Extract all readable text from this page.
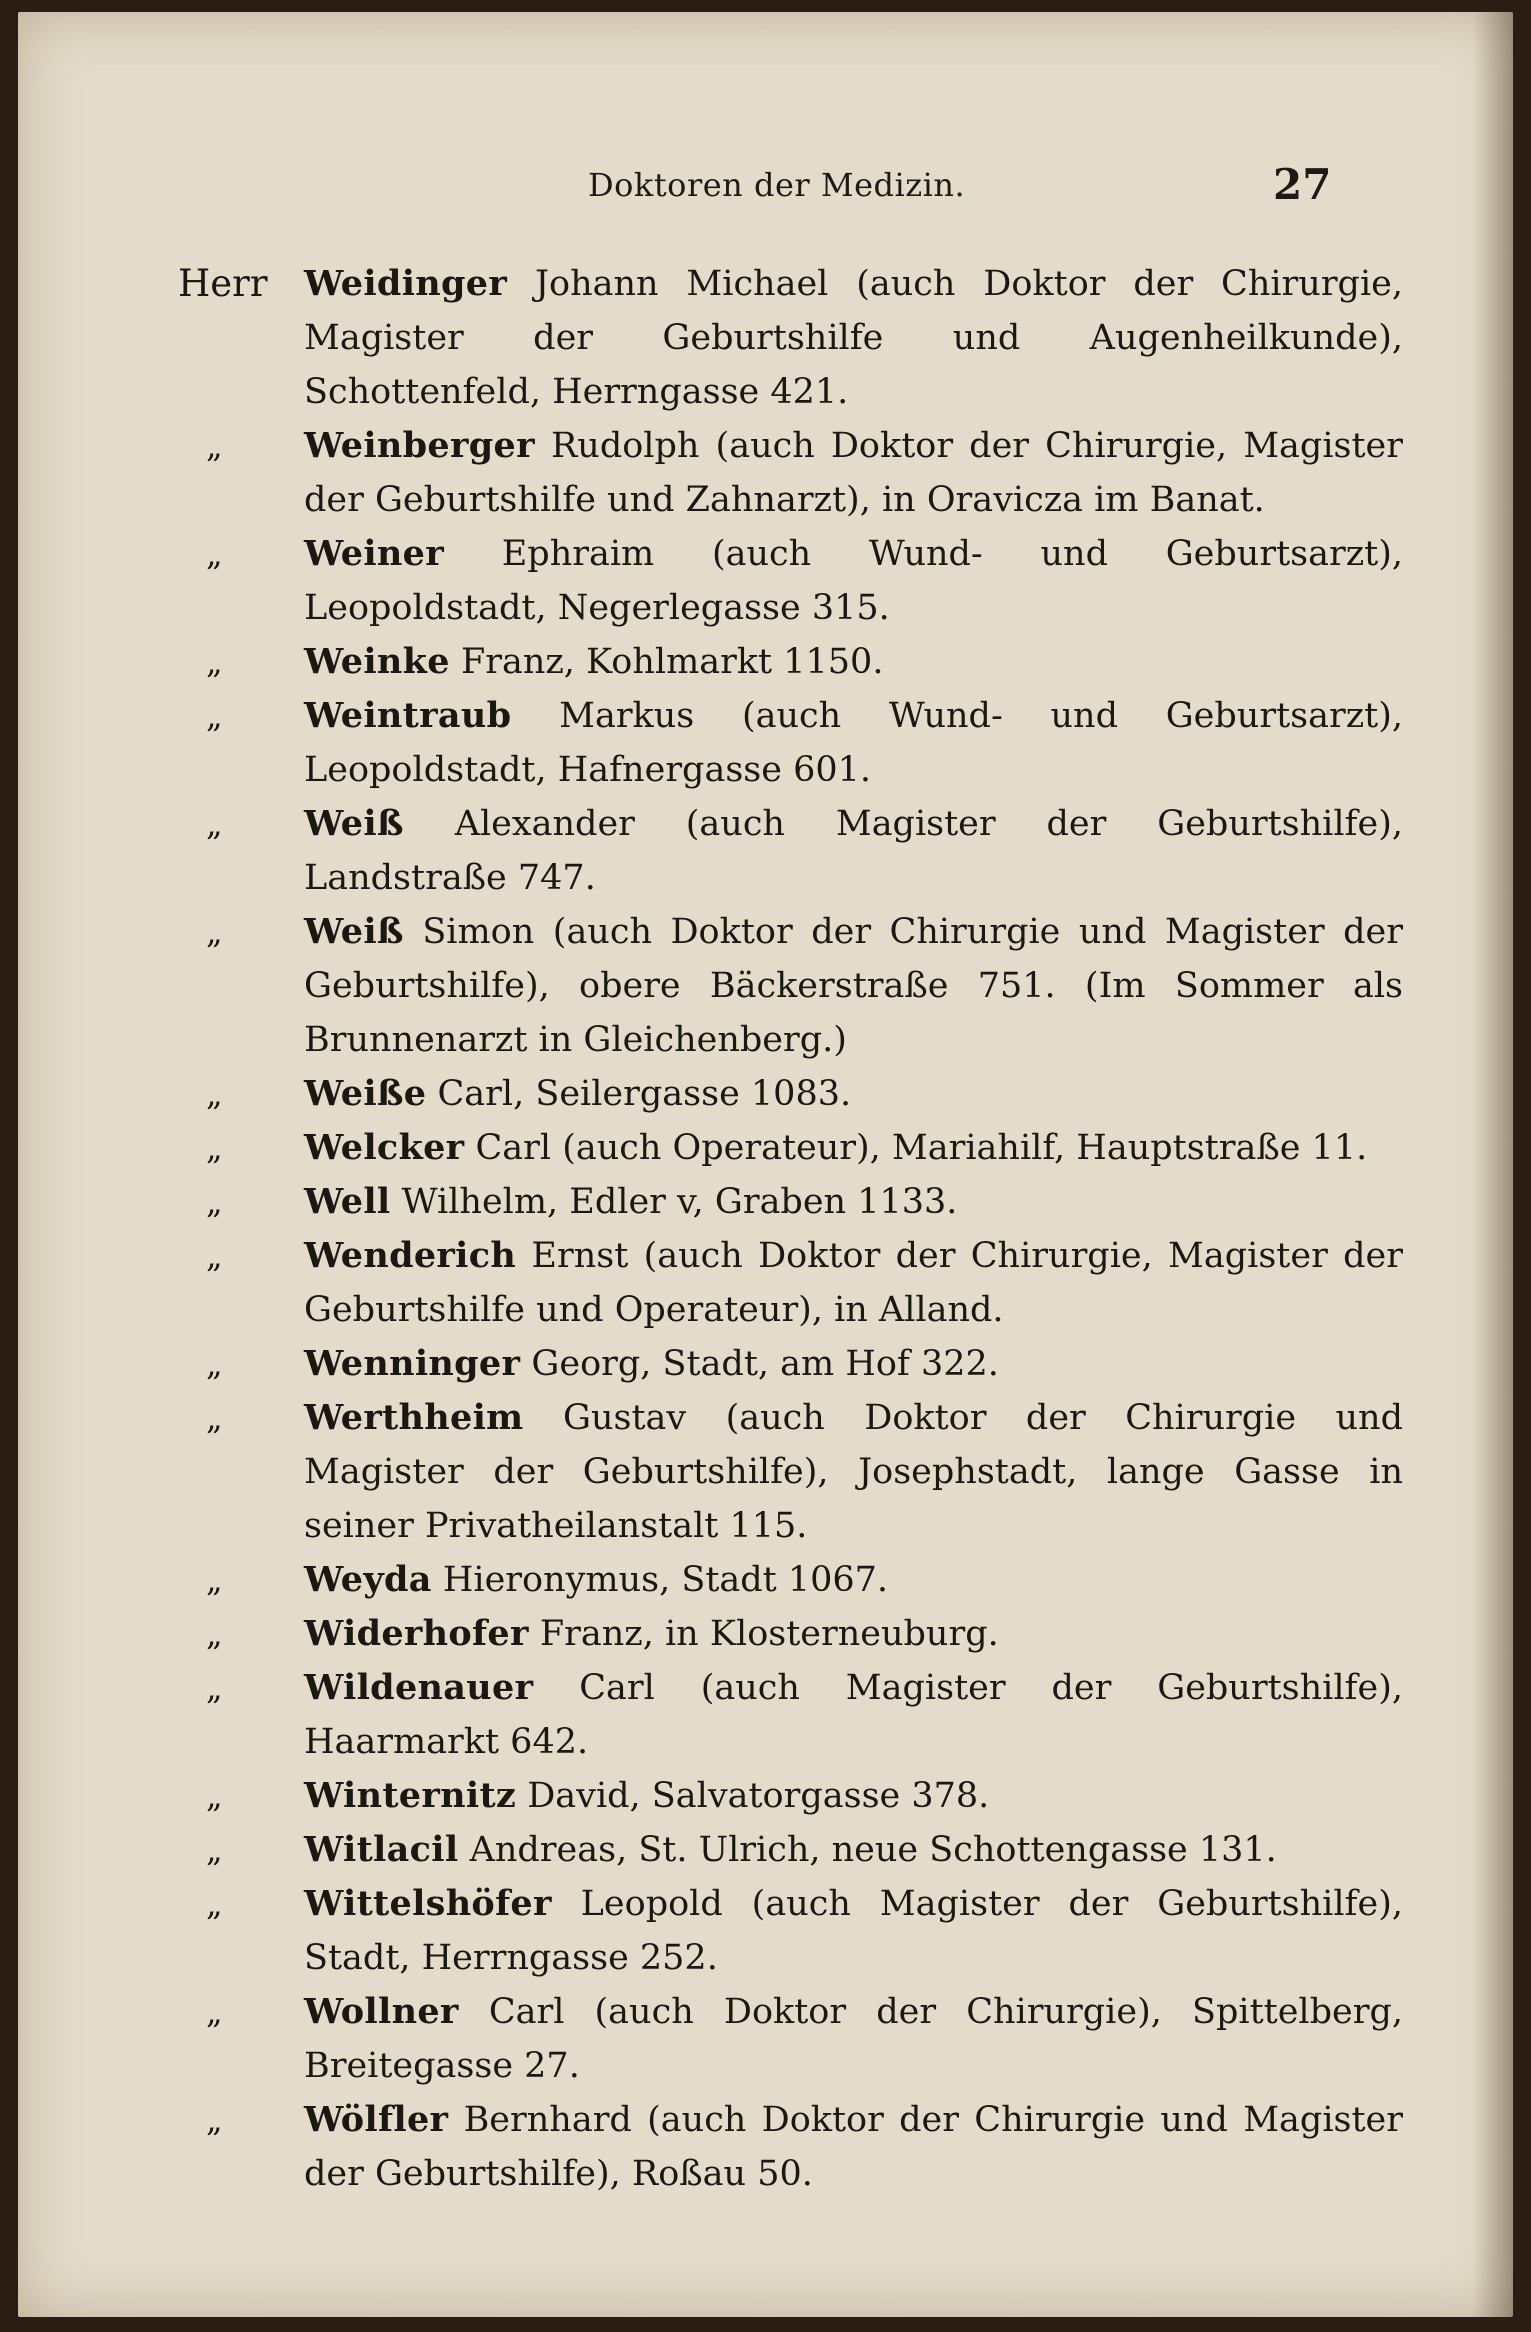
Doktoren der Medizin.	27
Herr Weidinger Johann Michael (auch Doktor der Chirurgie, Magister der Geburtshilfe und Augenheilkunde), Schottenfeld, Herrngasse 421.
„ Weinberger Rudolph (auch Doktor der Chirurgie, Magister der Geburtshilfe und Zahnarzt), in Oravicza im Banat.
„ Weiner Ephraim (auch Wund- und Geburtsarzt), Leopoldstadt, Negerlegasse 315.
„ Weinke Franz, Kohlmarkt 1150.
„ Weintraub Markus (auch Wund- und Geburtsarzt), Leopoldstadt, Hafnergasse 601.
„ Weiß Alexander (auch Magister der Geburtshilfe), Landstraße 747.
„ Weiß Simon (auch Doktor der Chirurgie und Magister der Geburtshilfe), obere Bäckerstraße 751. (Im Sommer als Brunnenarzt in Gleichenberg.)
„ Weiße Carl, Seilergasse 1083.
„ Welcker Carl (auch Operateur), Mariahilf, Hauptstraße 11.
„ Well Wilhelm, Edler v, Graben 1133.
„ Wenderich Ernst (auch Doktor der Chirurgie, Magister der Geburtshilfe und Operateur), in Alland.
„ Wenninger Georg, Stadt, am Hof 322.
„ Werthheim Gustav (auch Doktor der Chirurgie und Magister der Geburtshilfe), Josephstadt, lange Gasse in seiner Privatheilanstalt 115.
„ Weyda Hieronymus, Stadt 1067.
„ Widerhofer Franz, in Klosterneuburg.
„ Wildenauer Carl (auch Magister der Geburtshilfe), Haarmarkt 642.
„ Winternitz David, Salvatorgasse 378.
„ Witlacil Andreas, St. Ulrich, neue Schottengasse 131.
„ Wittelshöfer Leopold (auch Magister der Geburtshilfe), Stadt, Herrngasse 252.
„ Wollner Carl (auch Doktor der Chirurgie), Spittelberg, Breitegasse 27.
„ Wölfler Bernhard (auch Doktor der Chirurgie und Magister der Geburtshilfe), Roßau 50.
